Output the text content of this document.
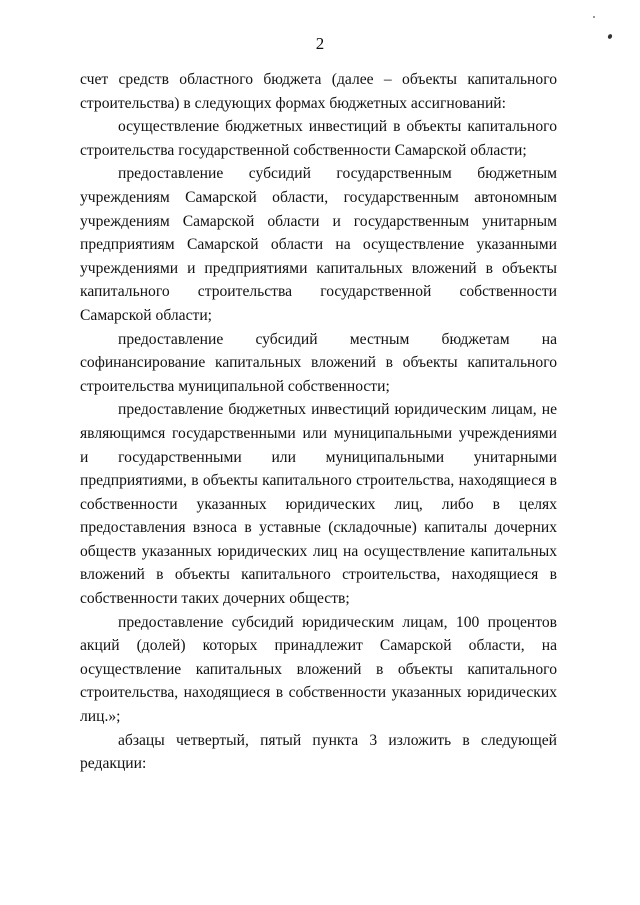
2

счет средств областного бюджета (далее – объекты капитального строительства) в следующих формах бюджетных ассигнований:

осуществление бюджетных инвестиций в объекты капитального строительства государственной собственности Самарской области;

предоставление субсидий государственным бюджетным учреждениям Самарской области, государственным автономным учреждениям Самарской области и государственным унитарным предприятиям Самарской области на осуществление указанными учреждениями и предприятиями капитальных вложений в объекты капитального строительства государственной собственности Самарской области;

предоставление субсидий местным бюджетам на софинансирование капитальных вложений в объекты капитального строительства муниципальной собственности;

предоставление бюджетных инвестиций юридическим лицам, не являющимся государственными или муниципальными учреждениями и государственными или муниципальными унитарными предприятиями, в объекты капитального строительства, находящиеся в собственности указанных юридических лиц, либо в целях предоставления взноса в уставные (складочные) капиталы дочерних обществ указанных юридических лиц на осуществление капитальных вложений в объекты капитального строительства, находящиеся в собственности таких дочерних обществ;

предоставление субсидий юридическим лицам, 100 процентов акций (долей) которых принадлежит Самарской области, на осуществление капитальных вложений в объекты капитального строительства, находящиеся в собственности указанных юридических лиц.»;

абзацы четвертый, пятый пункта 3 изложить в следующей редакции:
